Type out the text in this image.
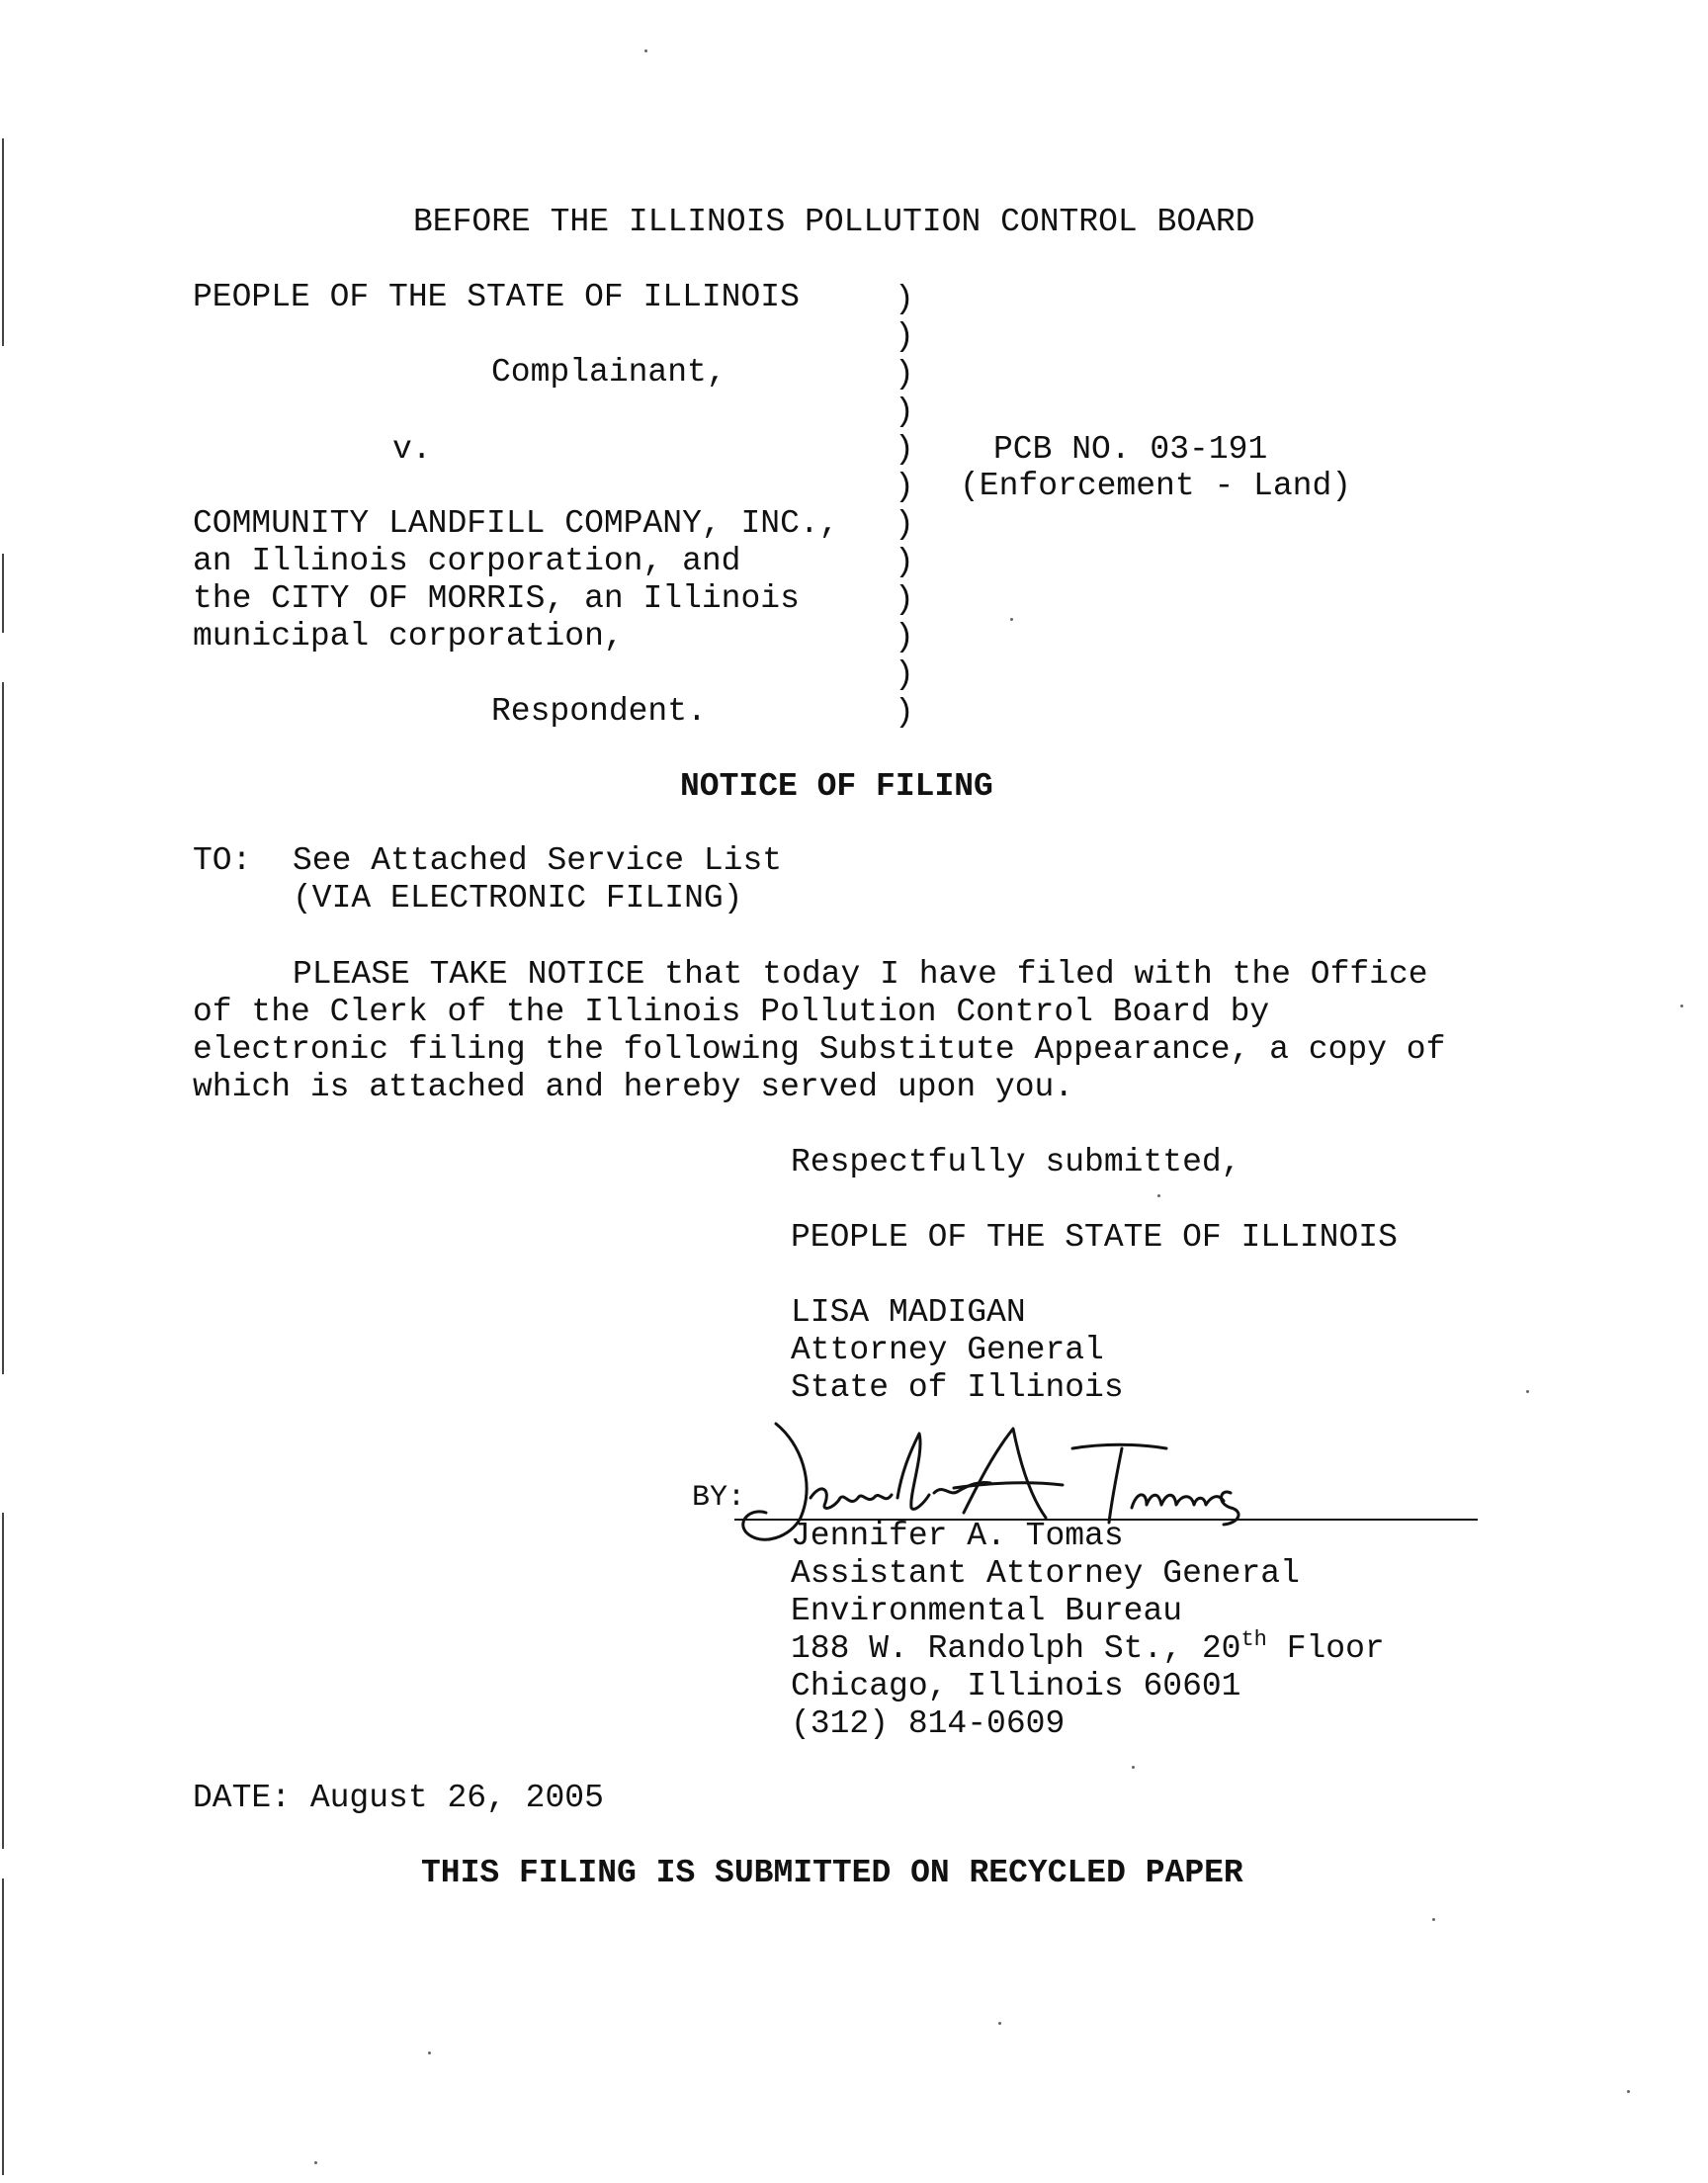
BEFORE THE ILLINOIS POLLUTION CONTROL BOARD
PEOPLE OF THE STATE OF ILLINOIS
Complainant,
v.
COMMUNITY LANDFILL COMPANY, INC.,
an Illinois corporation, and
the CITY OF MORRIS, an Illinois
municipal corporation,
Respondent.
)
)
)
)
)
)
)
)
)
)
)
)
PCB NO. 03-191
(Enforcement - Land)
NOTICE OF FILING
TO: See Attached Service List
(VIA ELECTRONIC FILING)
PLEASE TAKE NOTICE that today I have filed with the Office
of the Clerk of the Illinois Pollution Control Board by
electronic filing the following Substitute Appearance, a copy of
which is attached and hereby served upon you.
Respectfully submitted,
PEOPLE OF THE STATE OF ILLINOIS
LISA MADIGAN
Attorney General
State of Illinois
BY:
Jennifer A. Tomas
Assistant Attorney General
Environmental Bureau
188 W. Randolph St., 20th Floor
Chicago, Illinois 60601
(312) 814-0609
DATE: August 26, 2005
THIS FILING IS SUBMITTED ON RECYCLED PAPER
